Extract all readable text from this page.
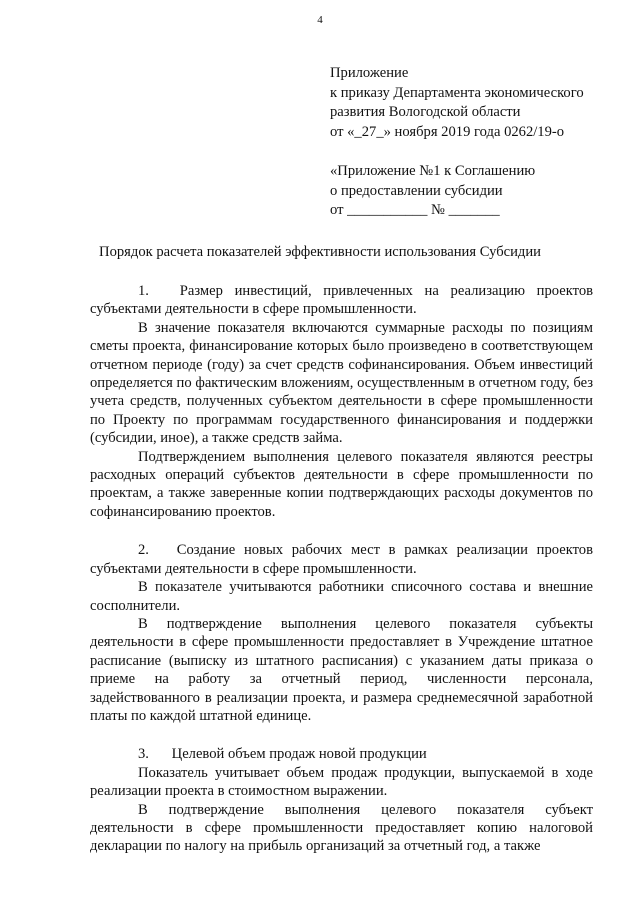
4
Приложение
к приказу Департамента экономического
развития Вологодской области
от «_27_» ноября 2019 года 0262/19-о
«Приложение №1 к Соглашению
о предоставлении субсидии
от ___________ № _______
Порядок расчета показателей эффективности использования Субсидии

1. Размер инвестиций, привлеченных на реализацию проектов субъектами деятельности в сфере промышленности.

В значение показателя включаются суммарные расходы по позициям сметы проекта, финансирование которых было произведено в соответствующем отчетном периоде (году) за счет средств софинансирования. Объем инвестиций определяется по фактическим вложениям, осуществленным в отчетном году, без учета средств, полученных субъектом деятельности в сфере промышленности по Проекту по программам государственного финансирования и поддержки (субсидии, иное), а также средств займа.

Подтверждением выполнения целевого показателя являются реестры расходных операций субъектов деятельности в сфере промышленности по проектам, а также заверенные копии подтверждающих расходы документов по софинансированию проектов.

2. Создание новых рабочих мест в рамках реализации проектов субъектами деятельности в сфере промышленности.

В показателе учитываются работники списочного состава и внешние сосполнители.

В подтверждение выполнения целевого показателя субъекты деятельности в сфере промышленности предоставляет в Учреждение штатное расписание (выписку из штатного расписания) с указанием даты приказа о приеме на работу за отчетный период, численности персонала, задействованного в реализации проекта, и размера среднемесячной заработной платы по каждой штатной единице.

3. Целевой объем продаж новой продукции

Показатель учитывает объем продаж продукции, выпускаемой в ходе реализации проекта в стоимостном выражении.

В подтверждение выполнения целевого показателя субъект деятельности в сфере промышленности предоставляет копию налоговой декларации по налогу на прибыль организаций за отчетный год, а также
